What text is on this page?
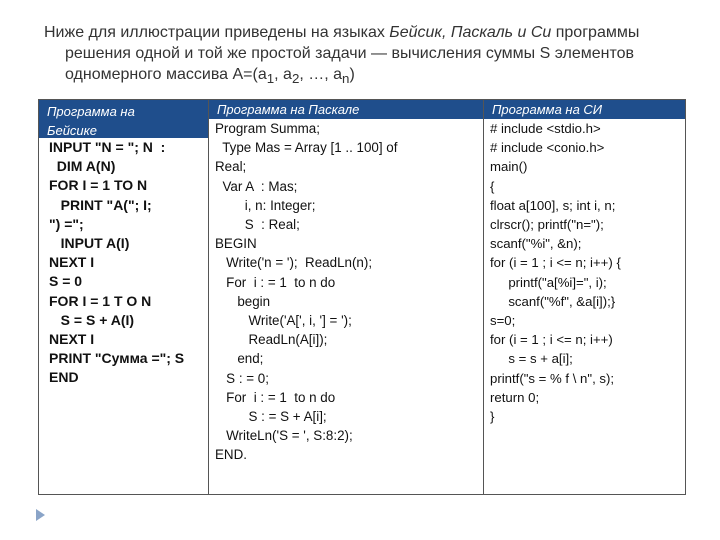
Ниже для иллюстрации приведены на языках Бейсик, Паскаль и Си программы
решения одной и той же простой задачи — вычисления суммы S элементов
одномерного массива $А=(а_1$, $а_2$, …, $а_n$)
Программа на
Бейсике
INPUT "N = "; N  :
DIM A(N)
FOR I = 1 TO N
PRINT "A("; I;
") =";
INPUT A(I)
NEXT I
S = 0
FOR I = 1 T O N
S = S + A(I)
NEXT I
PRINT "Сумма ="; S
END
Программа на Паскале
Program Summa;
Type Mas = Array [1 .. 100] of
Real;
Var A  : Mas;
i, n: Integer;
S  : Real;
BEGIN
Write('n = ');  ReadLn(n);
For  i : = 1  to n do
begin
Write('A[', i, '] = ');
ReadLn(A[i]);
end;
S : = 0;
For  i : = 1  to n do
S : = S + A[i];
WriteLn('S = ', S:8:2);
END.
Программа на СИ
# include <stdio.h>
# include <conio.h>
main()
{
float a[100], s; int i, n;
clrscr(); printf("n=");
scanf("%i", &n);
for (i = 1 ; i <= n; i++) {
printf("a[%i]=", i);
scanf("%f", &a[i]);}
s=0;
for (i = 1 ; i <= n; i++)
s = s + a[i];
printf("s = % f \ n", s);
return 0;
}
